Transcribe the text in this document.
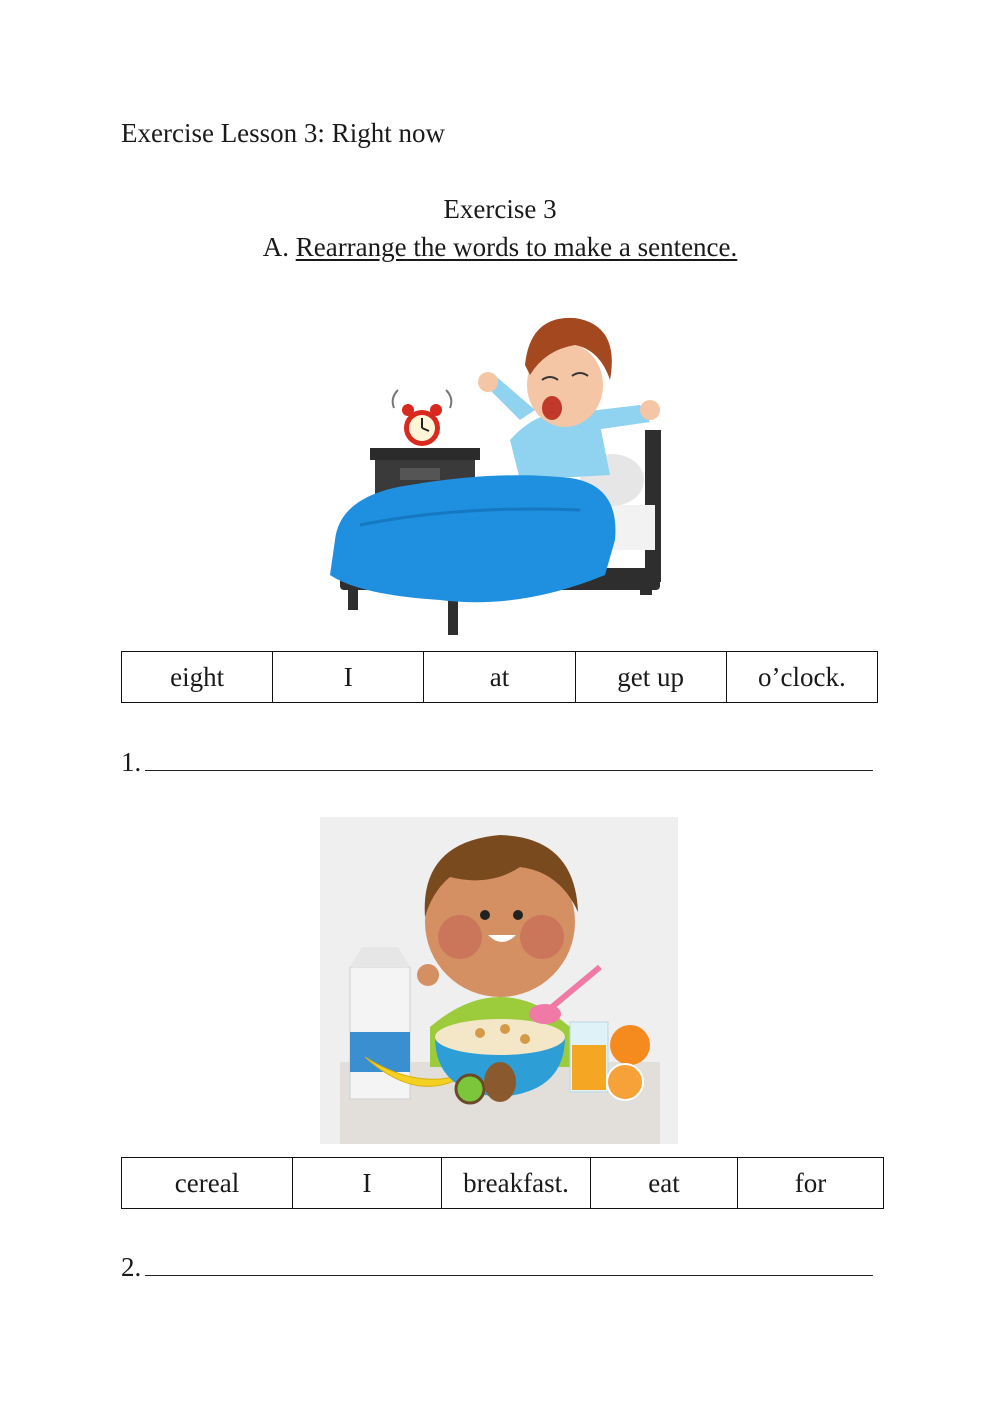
Exercise Lesson 3: Right now
Exercise 3
A. Rearrange the words to make a sentence.
eight	I	at	get up	o’clock.
1.
cereal	I	breakfast.	eat	for
2.
